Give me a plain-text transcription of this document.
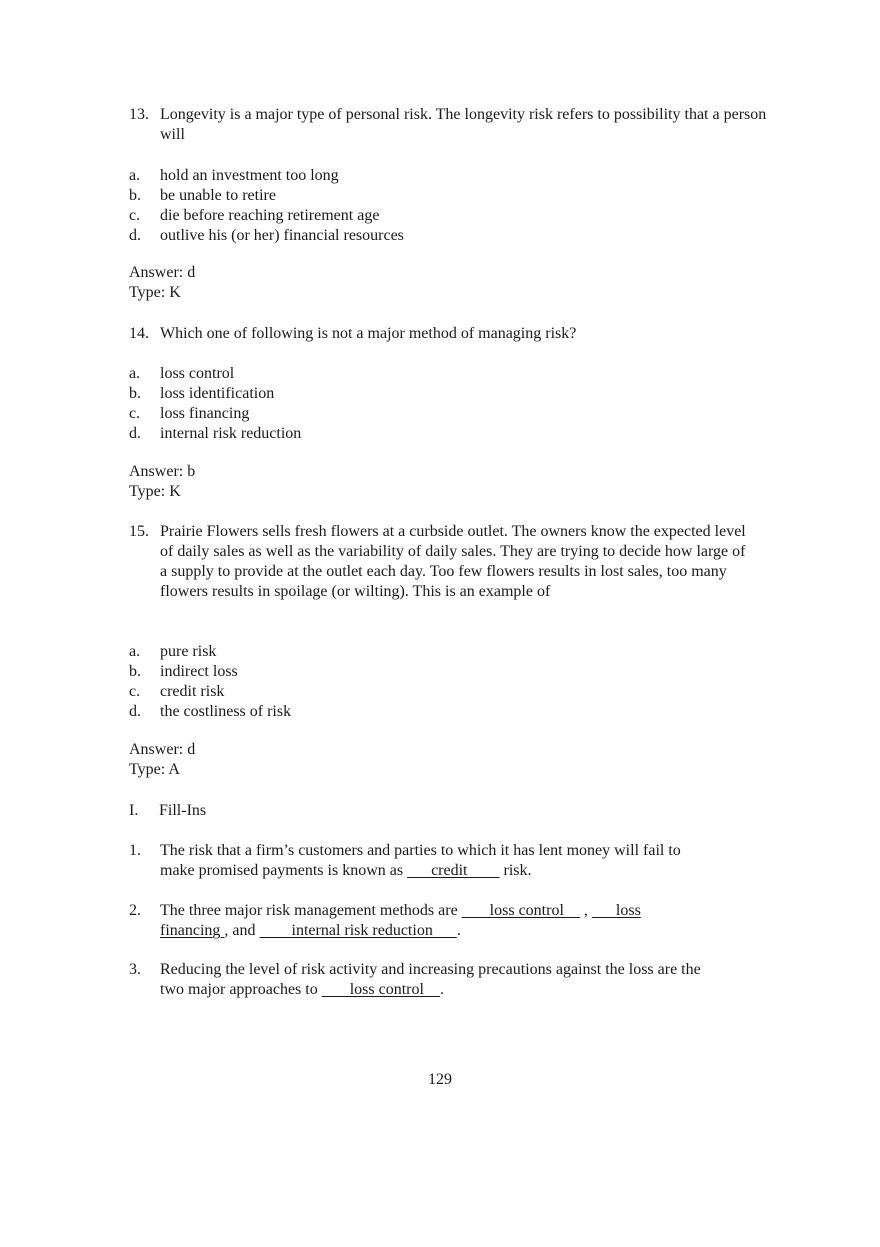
13. Longevity is a major type of personal risk. The longevity risk refers to possibility that a person will
a.	hold an investment too long
b.	be unable to retire
c.	die before reaching retirement age
d.	outlive his (or her) financial resources
Answer: d
Type: K
14. Which one of following is not a major method of managing risk?
a.	loss control
b.	loss identification
c.	loss financing
d.	internal risk reduction
Answer: b
Type: K
15. Prairie Flowers sells fresh flowers at a curbside outlet. The owners know the expected level of daily sales as well as the variability of daily sales. They are trying to decide how large of a supply to provide at the outlet each day. Too few flowers results in lost sales, too many flowers results in spoilage (or wilting). This is an example of
a.	pure risk
b.	indirect loss
c.	credit risk
d.	the costliness of risk
Answer: d
Type: A
I.	Fill-Ins
1.	The risk that a firm’s customers and parties to which it has lent money will fail to
make promised payments is known as       credit         risk.
2.	The three major risk management methods are        loss control     ,       loss
financing , and         internal risk reduction      .
3.	Reducing the level of risk activity and increasing precautions against the loss are the
two major approaches to        loss control    .
129
